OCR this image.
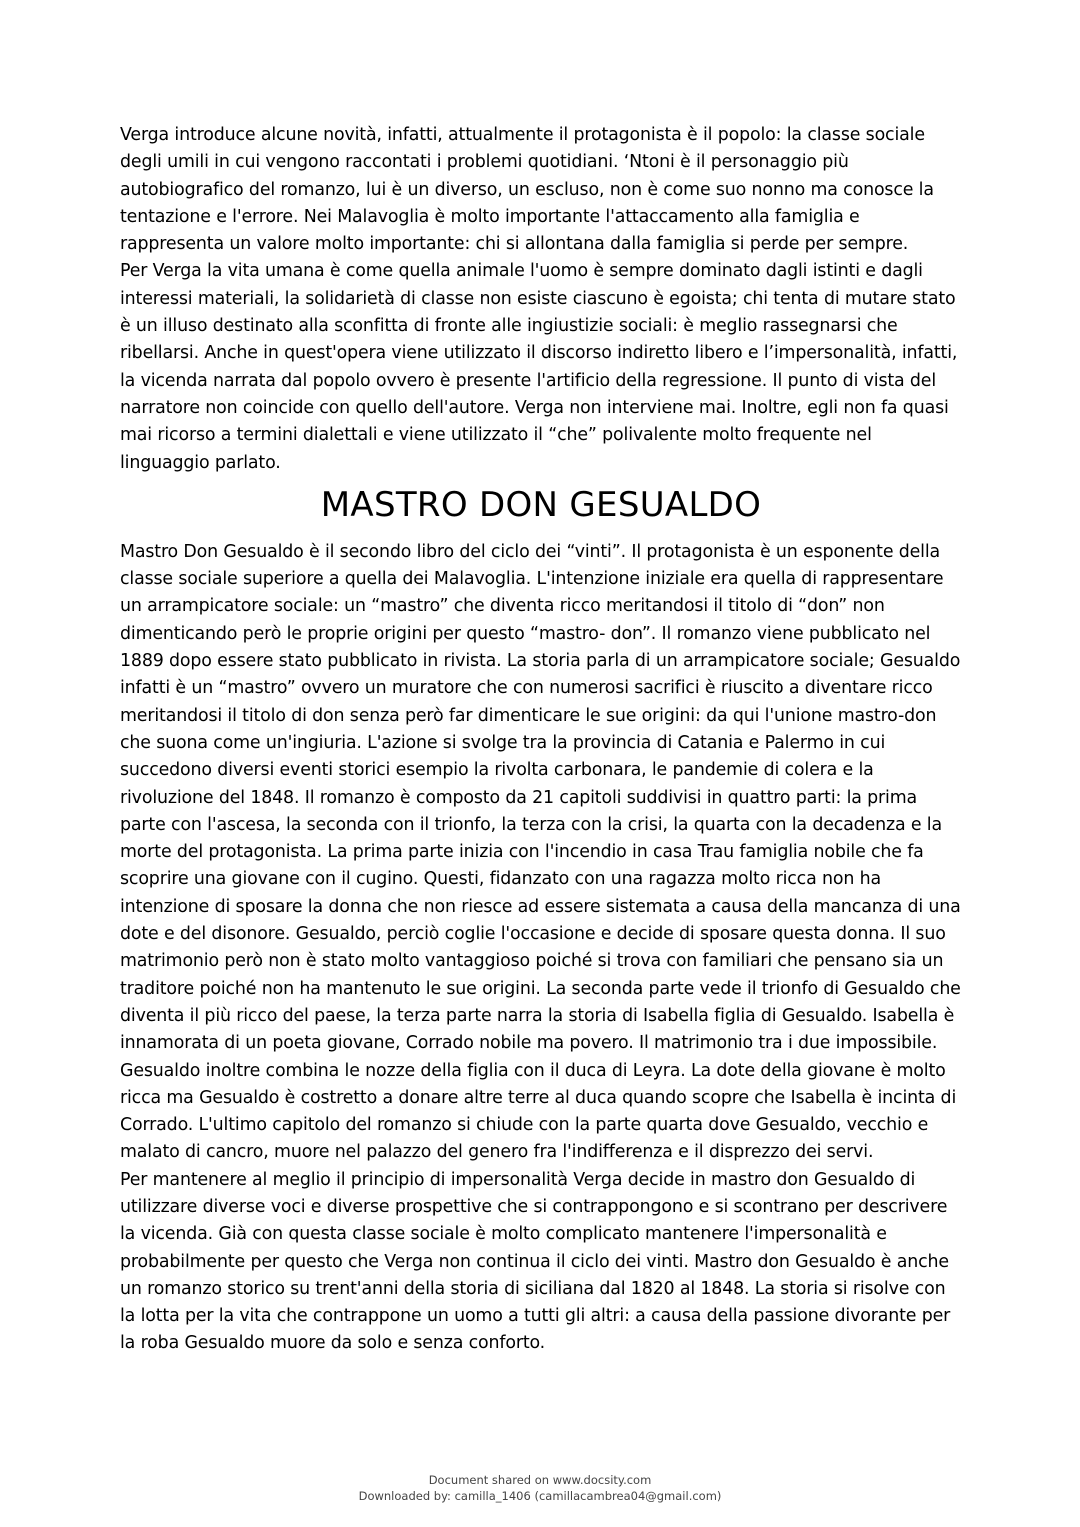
Verga introduce alcune novità, infatti, attualmente il protagonista è il popolo: la classe sociale degli umili in cui vengono raccontati i problemi quotidiani. ‘Ntoni è il personaggio più autobiografico del romanzo, lui è un diverso, un escluso, non è come suo nonno ma conosce la tentazione e l'errore. Nei Malavoglia è molto importante l'attaccamento alla famiglia e rappresenta un valore molto importante: chi si allontana dalla famiglia si perde per sempre.

Per Verga la vita umana è come quella animale l'uomo è sempre dominato dagli istinti e dagli interessi materiali, la solidarietà di classe non esiste ciascuno è egoista; chi tenta di mutare stato è un illuso destinato alla sconfitta di fronte alle ingiustizie sociali: è meglio rassegnarsi che ribellarsi. Anche in quest'opera viene utilizzato il discorso indiretto libero e l’impersonalità, infatti, la vicenda narrata dal popolo ovvero è presente l'artificio della regressione. Il punto di vista del narratore non coincide con quello dell'autore. Verga non interviene mai. Inoltre, egli non fa quasi mai ricorso a termini dialettali e viene utilizzato il “che” polivalente molto frequente nel linguaggio parlato.

MASTRO DON GESUALDO

Mastro Don Gesualdo è il secondo libro del ciclo dei “vinti”. Il protagonista è un esponente della classe sociale superiore a quella dei Malavoglia. L'intenzione iniziale era quella di rappresentare un arrampicatore sociale: un “mastro” che diventa ricco meritandosi il titolo di “don” non dimenticando però le proprie origini per questo “mastro- don”. Il romanzo viene pubblicato nel 1889 dopo essere stato pubblicato in rivista. La storia parla di un arrampicatore sociale; Gesualdo infatti è un “mastro” ovvero un muratore che con numerosi sacrifici è riuscito a diventare ricco meritandosi il titolo di don senza però far dimenticare le sue origini: da qui l'unione mastro-don che suona come un'ingiuria. L'azione si svolge tra la provincia di Catania e Palermo in cui succedono diversi eventi storici esempio la rivolta carbonara, le pandemie di colera e la rivoluzione del 1848. Il romanzo è composto da 21 capitoli suddivisi in quattro parti: la prima parte con l'ascesa, la seconda con il trionfo, la terza con la crisi, la quarta con la decadenza e la morte del protagonista. La prima parte inizia con l'incendio in casa Trau famiglia nobile che fa scoprire una giovane con il cugino. Questi, fidanzato con una ragazza molto ricca non ha intenzione di sposare la donna che non riesce ad essere sistemata a causa della mancanza di una dote e del disonore. Gesualdo, perciò coglie l'occasione e decide di sposare questa donna. Il suo matrimonio però non è stato molto vantaggioso poiché si trova con familiari che pensano sia un traditore poiché non ha mantenuto le sue origini. La seconda parte vede il trionfo di Gesualdo che diventa il più ricco del paese, la terza parte narra la storia di Isabella figlia di Gesualdo. Isabella è innamorata di un poeta giovane, Corrado nobile ma povero. Il matrimonio tra i due impossibile. Gesualdo inoltre combina le nozze della figlia con il duca di Leyra. La dote della giovane è molto ricca ma Gesualdo è costretto a donare altre terre al duca quando scopre che Isabella è incinta di Corrado. L'ultimo capitolo del romanzo si chiude con la parte quarta dove Gesualdo, vecchio e malato di cancro, muore nel palazzo del genero fra l'indifferenza e il disprezzo dei servi.

Per mantenere al meglio il principio di impersonalità Verga decide in mastro don Gesualdo di utilizzare diverse voci e diverse prospettive che si contrappongono e si scontrano per descrivere la vicenda. Già con questa classe sociale è molto complicato mantenere l'impersonalità e probabilmente per questo che Verga non continua il ciclo dei vinti. Mastro don Gesualdo è anche un romanzo storico su trent'anni della storia di siciliana dal 1820 al 1848. La storia si risolve con la lotta per la vita che contrappone un uomo a tutti gli altri: a causa della passione divorante per la roba Gesualdo muore da solo e senza conforto.

Document shared on www.docsity.com
Downloaded by: camilla_1406 (camillacambrea04@gmail.com)
